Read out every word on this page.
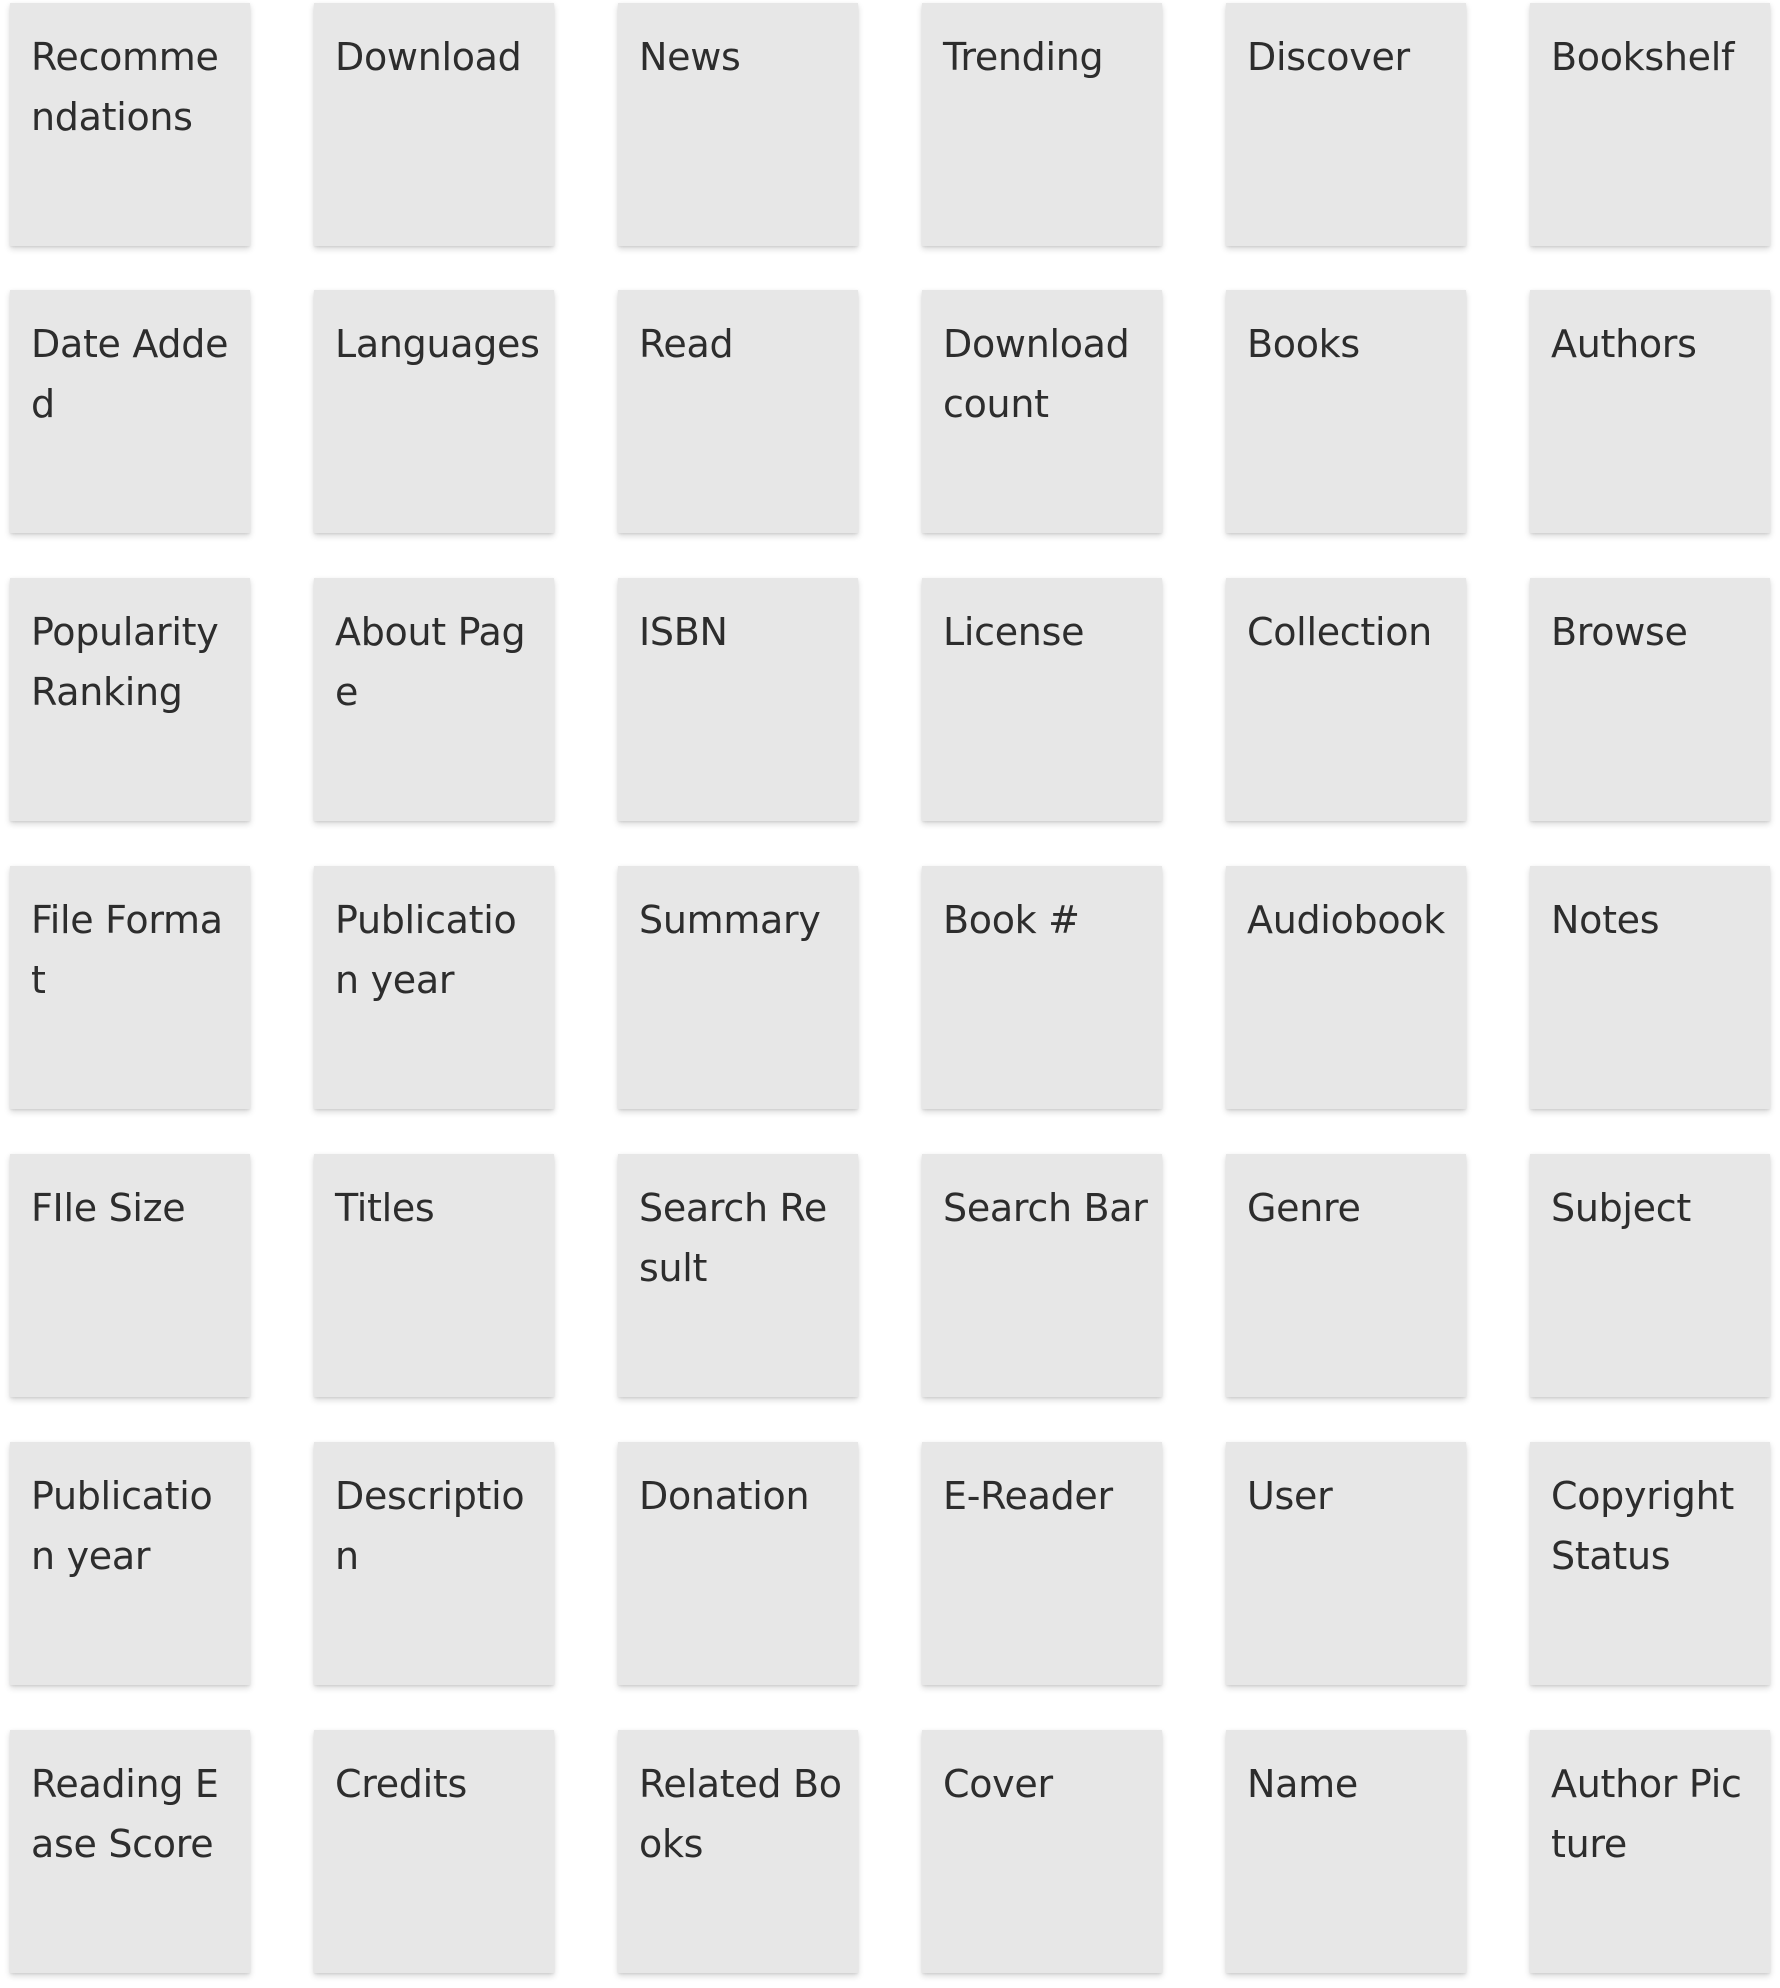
Recommendations
Download	News	Trending	Discover	Bookshelf
Date Added
Languages	Read	Download count
Books	Authors
Popularity Ranking
About Page
ISBN	License	Collection	Browse
File Format
Publication year
Summary	Book #	Audiobook	Notes
FIle Size	Titles	Search Result
Search Bar	Genre	Subject
Publication year
Description
Donation	E-Reader	User	Copyright Status
Reading Ease Score
Credits	Related Books
Cover	Name	Author Picture
